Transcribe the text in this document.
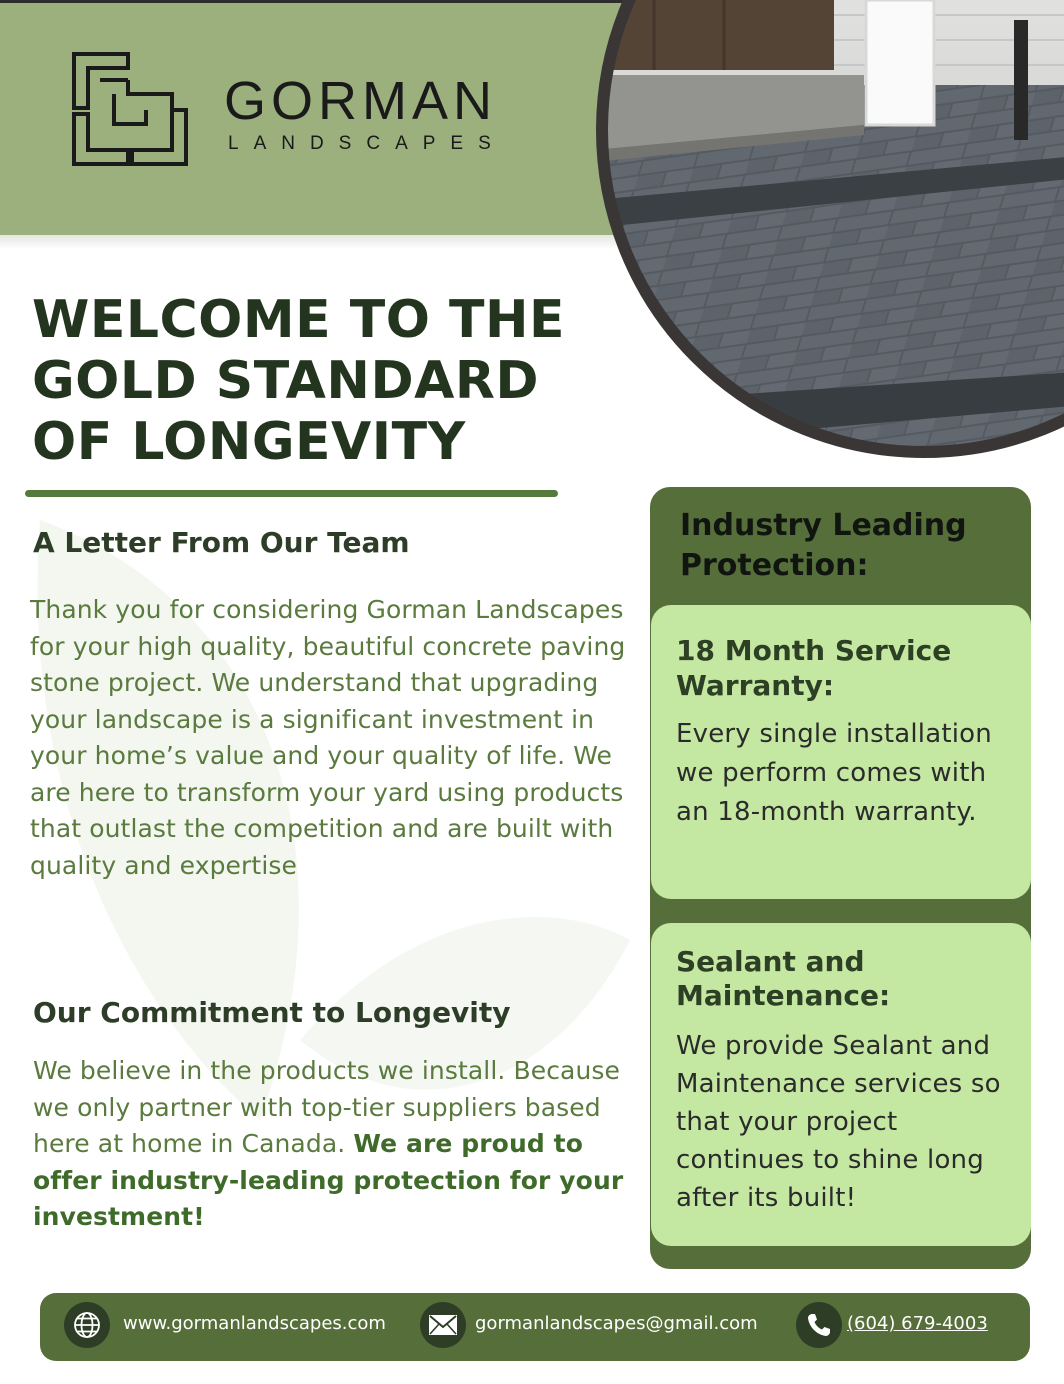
GORMAN
LANDSCAPES
WELCOME TO THE
GOLD STANDARD
OF LONGEVITY
A Letter From Our Team

Thank you for considering Gorman Landscapes for your high quality, beautiful concrete paving stone project. We understand that upgrading your landscape is a significant investment in your home’s value and your quality of life. We are here to transform your yard using products that outlast the competition and are built with quality and expertise

Our Commitment to Longevity

We believe in the products we install. Because we only partner with top-tier suppliers based here at home in Canada. We are proud to offer industry-leading protection for your investment!

Industry Leading Protection:
18 Month Service Warranty:

Every single installation we perform comes with an 18-month warranty.

Sealant and Maintenance:

We provide Sealant and Maintenance services so that your project continues to shine long after its built!

www.gormanlandscapes.com	gormanlandscapes@gmail.com	(604) 679-4003
